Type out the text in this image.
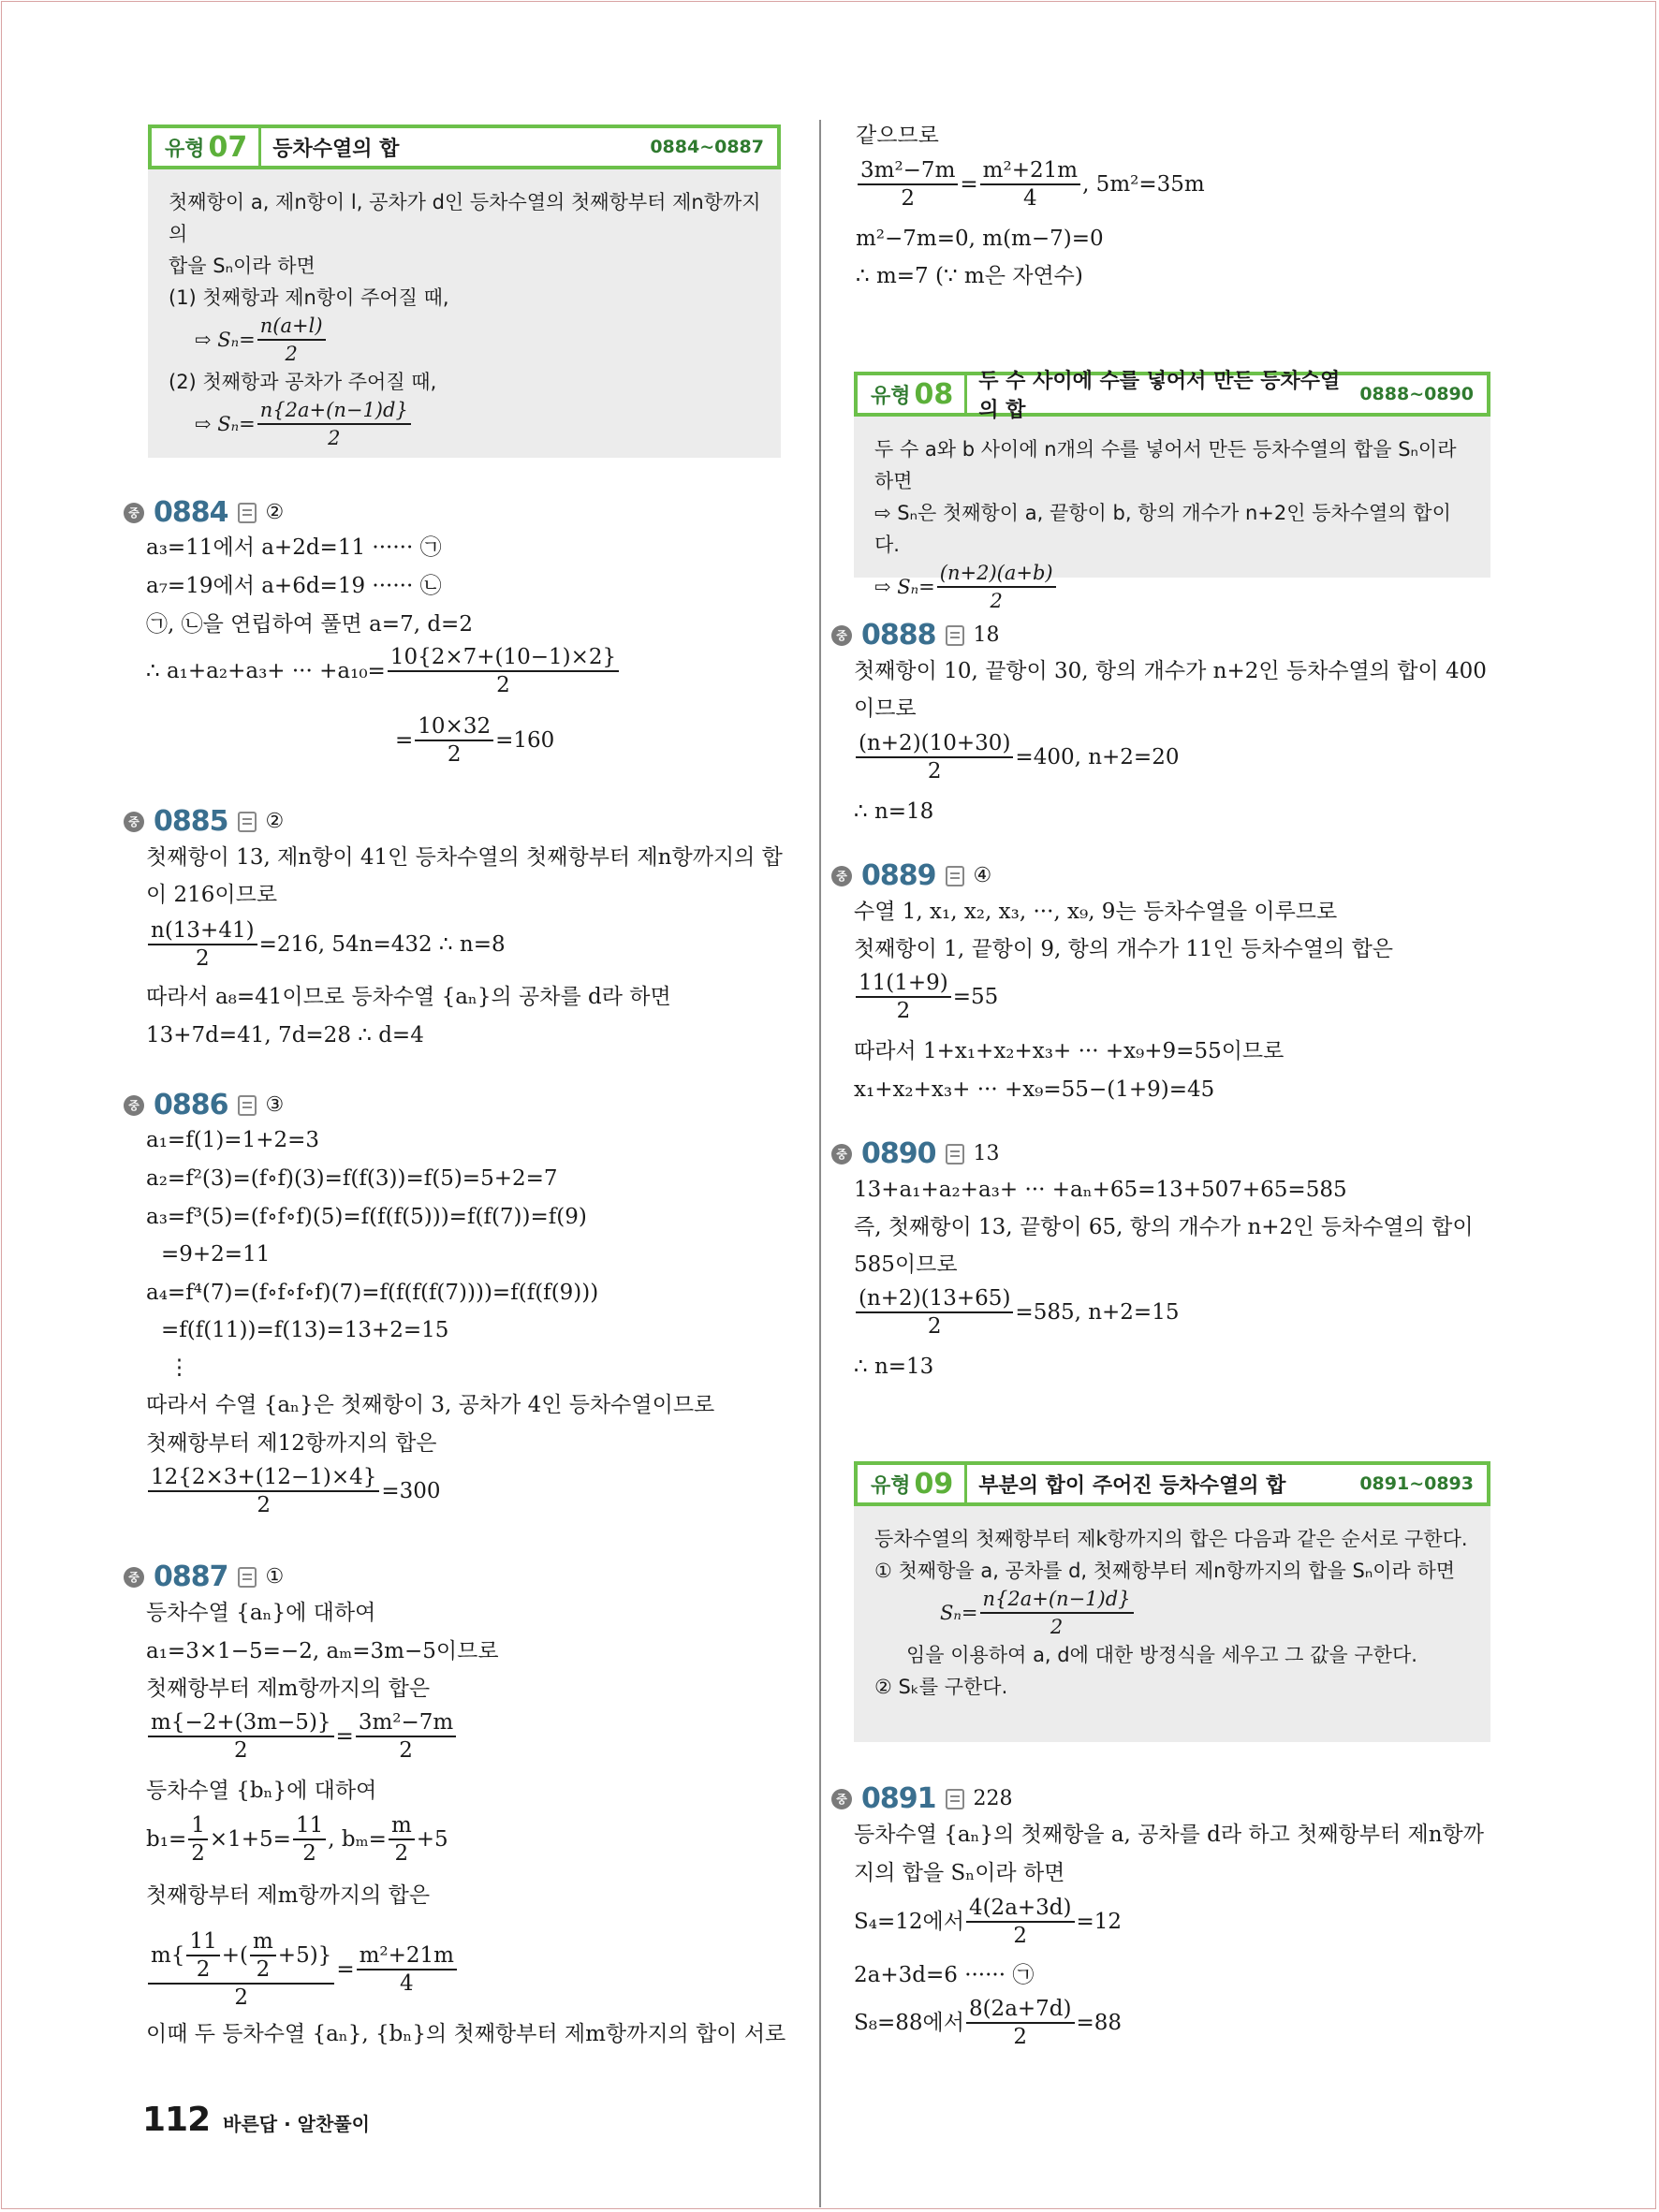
유형 07	등차수열의 합	0884~0887
첫째항이 a, 제n항이 l, 공차가 d인 등차수열의 첫째항부터 제n항까지의
합을 Sₙ이라 하면
(1) 첫째항과 제n항이 주어질 때,
⇨ $S_n= \frac{n(a+l)}{2}$
(2) 첫째항과 공차가 주어질 때,
⇨ $S_n= \frac{n\{2a+(n-1)d\}}{2}$
중 0884 ②
a₃=11에서 a+2d=11 ······ ㉠
a₇=19에서 a+6d=19 ······ ㉡
㉠, ㉡을 연립하여 풀면 a=7, d=2
∴ a₁+a₂+a₃+ ··· $+a_{10}= \frac{10\{2\times 7+(10-1)\times 2\}}{2}$
= $\frac{10\times 32}{2} =160$
중 0885 ②
첫째항이 13, 제n항이 41인 등차수열의 첫째항부터 제n항까지의 합
이 216이므로
$\frac{n(13+41)}{2} =216$, 54n=432 ∴ n=8
따라서 a₈=41이므로 등차수열 {aₙ}의 공차를 d라 하면
13+7d=41, 7d=28 ∴ d=4
중 0886 ③
a₁=f(1)=1+2=3
a₂=f²(3)=(f∘f)(3)=f(f(3))=f(5)=5+2=7
a₃=f³(5)=(f∘f∘f)(5)=f(f(f(5)))=f(f(7))=f(9)
=9+2=11
a₄=f⁴(7)=(f∘f∘f∘f)(7)=f(f(f(f(7))))=f(f(f(9)))
=f(f(11))=f(13)=13+2=15
⋮
따라서 수열 {aₙ}은 첫째항이 3, 공차가 4인 등차수열이므로
첫째항부터 제12항까지의 합은
$\frac{12\{2\times 3+(12-1)\times 4\}}{2} =300$
중 0887 ①
등차수열 {aₙ}에 대하여
a₁=3×1−5=−2, aₘ=3m−5이므로
첫째항부터 제m항까지의 합은
$\frac{m\{-2+(3m-5)\}}{2} = \frac{\text{3m²−7m}}{2}$
등차수열 {bₙ}에 대하여
$b_1= \frac{1}{2} \times 1+5= \frac{11}{2}$ , $b_m= \frac{m}{2} +5$
첫째항부터 제m항까지의 합은
$\frac{m\{ \frac{11}{2} +( \frac{m}{2} +5)\}}{2} = \frac{\text{m²+21m}}{4}$
이때 두 등차수열 {aₙ}, {bₙ}의 첫째항부터 제m항까지의 합이 서로
112 바른답 · 알찬풀이
같으므로
$\frac{\text{3m²−7m}}{2} = \frac{\text{m²+21m}}{4}$ , 5m²=35m
m²−7m=0, m(m−7)=0
∴ m=7 (∵ m은 자연수)
유형 08	두 수 사이에 수를 넣어서 만든 등차수열의 합
0888~0890
두 수 a와 b 사이에 n개의 수를 넣어서 만든 등차수열의 합을 Sₙ이라 하면
⇨ Sₙ은 첫째항이 a, 끝항이 b, 항의 개수가 n+2인 등차수열의 합이다.
⇨ $S_n= \frac{(n+2)(a+b)}{2}$
중 0888 18
첫째항이 10, 끝항이 30, 항의 개수가 n+2인 등차수열의 합이 400
이므로
$\frac{(n+2)(10+30)}{2} =400$, n+2=20
∴ n=18
중 0889 ④
수열 1, x₁, x₂, x₃, ···, x₉, 9는 등차수열을 이루므로
첫째항이 1, 끝항이 9, 항의 개수가 11인 등차수열의 합은
$\frac{11(1+9)}{2} =55$
따라서 1+x₁+x₂+x₃+ ··· +x₉+9=55이므로
x₁+x₂+x₃+ ··· +x₉=55−(1+9)=45
중 0890 13
13+a₁+a₂+a₃+ ··· +aₙ+65=13+507+65=585
즉, 첫째항이 13, 끝항이 65, 항의 개수가 n+2인 등차수열의 합이
585이므로
$\frac{(n+2)(13+65)}{2} =585$, n+2=15
∴ n=13
유형 09	부분의 합이 주어진 등차수열의 합	0891~0893
등차수열의 첫째항부터 제k항까지의 합은 다음과 같은 순서로 구한다.
① 첫째항을 a, 공차를 d, 첫째항부터 제n항까지의 합을 Sₙ이라 하면
$S_n= \frac{n\{2a+(n-1)d\}}{2}$
임을 이용하여 a, d에 대한 방정식을 세우고 그 값을 구한다.
② Sₖ를 구한다.
중 0891 228
등차수열 {aₙ}의 첫째항을 a, 공차를 d라 하고 첫째항부터 제n항까
지의 합을 Sₙ이라 하면
S₄=12에서 $\frac{4(2a+3d)}{2} =12$
2a+3d=6 ······ ㉠
S₈=88에서 $\frac{8(2a+7d)}{2} =88$
